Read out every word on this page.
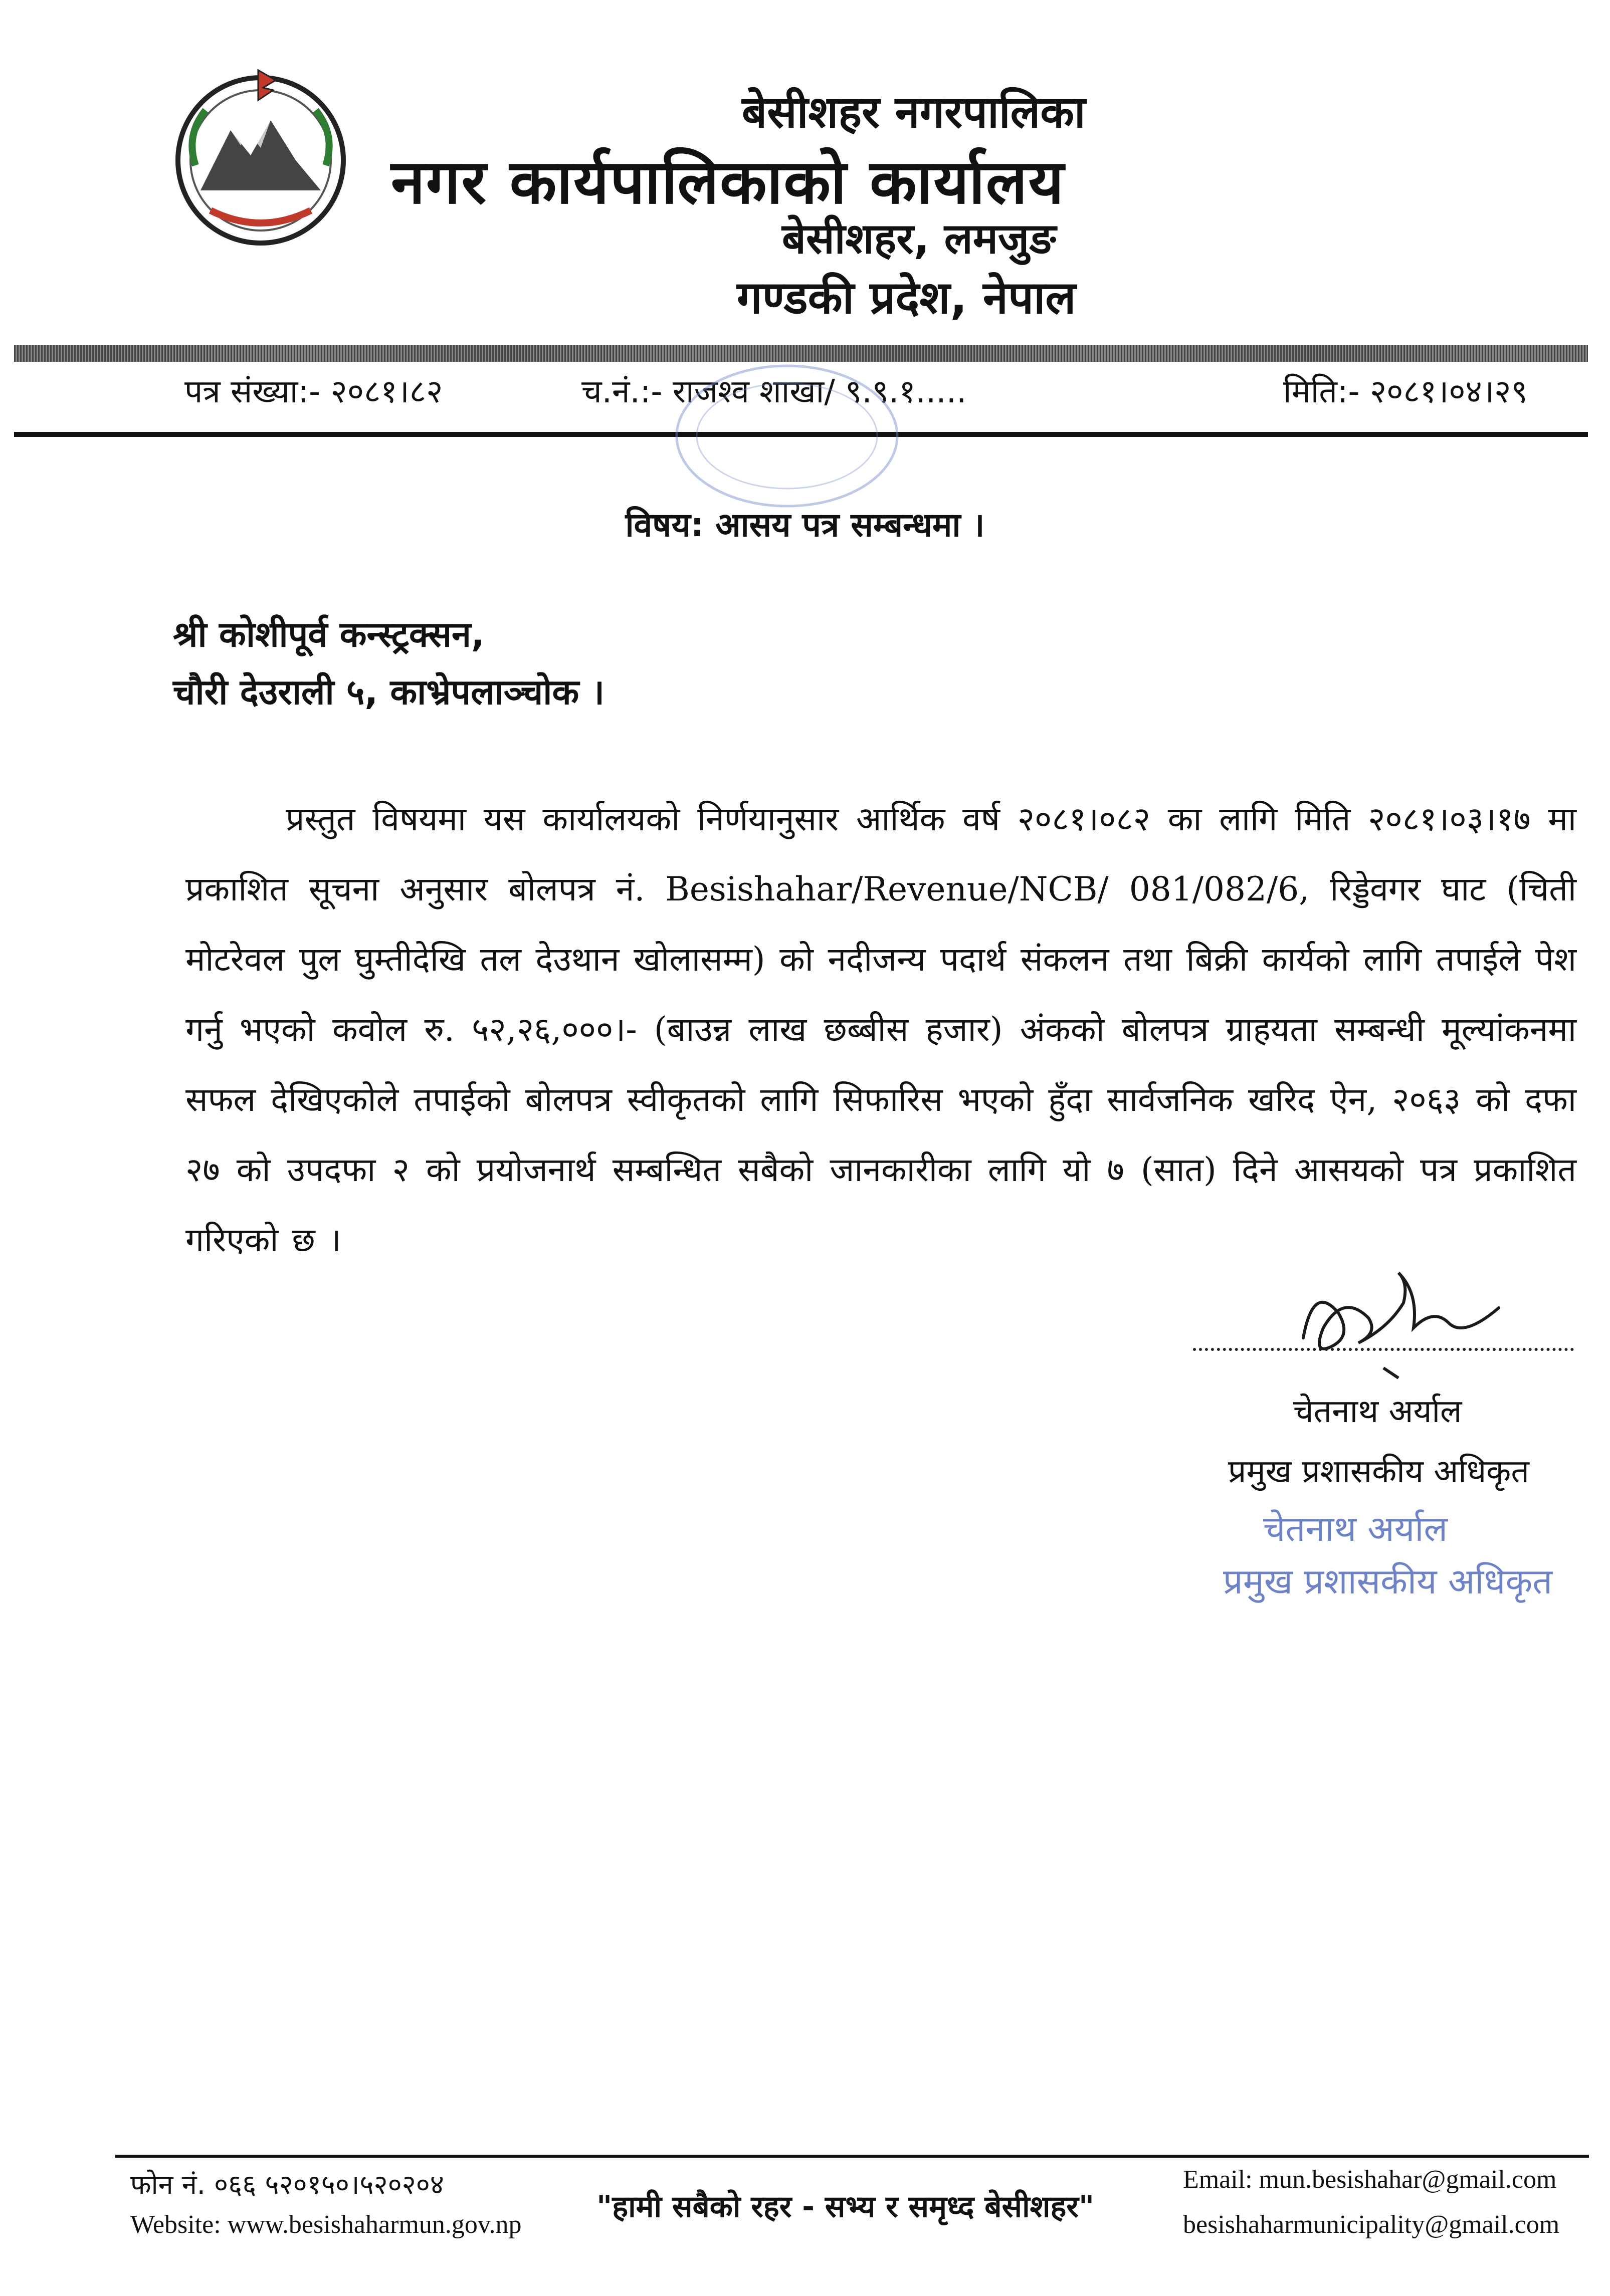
बेसीशहर नगरपालिका
नगर कार्यपालिकाको कार्यालय
बेसीशहर, लमजुङ
गण्डकी प्रदेश, नेपाल
पत्र संख्या:- २०८१।८२	च.नं.:- राजश्व शाखा/ ९.९.१.....	मिति:- २०८१।०४।२९
विषय: आसय पत्र सम्बन्धमा ।
श्री कोशीपूर्व कन्स्ट्रक्सन,
चौरी देउराली ५, काभ्रेपलाञ्चोक ।
प्रस्तुत विषयमा यस कार्यालयको निर्णयानुसार आर्थिक वर्ष २०८१।०८२ का लागि मिति २०८१।०३।१७ मा प्रकाशित सूचना अनुसार बोलपत्र नं. Besishahar/Revenue/NCB/ 081/082/6, रिड्डेवगर घाट (चिती मोटरेवल पुल घुम्तीदेखि तल देउथान खोलासम्म) को नदीजन्य पदार्थ संकलन तथा बिक्री कार्यको लागि तपाईले पेश गर्नु भएको कवोल रु. ५२,२६,०००।- (बाउन्न लाख छब्बीस हजार) अंकको बोलपत्र ग्राहयता सम्बन्धी मूल्यांकनमा सफल देखिएकोले तपाईको बोलपत्र स्वीकृतको लागि सिफारिस भएको हुँदा सार्वजनिक खरिद ऐन, २०६३ को दफा २७ को उपदफा २ को प्रयोजनार्थ सम्बन्धित सबैको जानकारीका लागि यो ७ (सात) दिने आसयको पत्र प्रकाशित गरिएको छ ।
चेतनाथ अर्याल
प्रमुख प्रशासकीय अधिकृत
चेतनाथ अर्याल
प्रमुख प्रशासकीय अधिकृत
फोन नं. ०६६ ५२०१५०।५२०२०४
Website: www.besishaharmun.gov.np
"हामी सबैको रहर - सभ्य र समृध्द बेसीशहर"
Email: mun.besishahar@gmail.com
besishaharmunicipality@gmail.com
